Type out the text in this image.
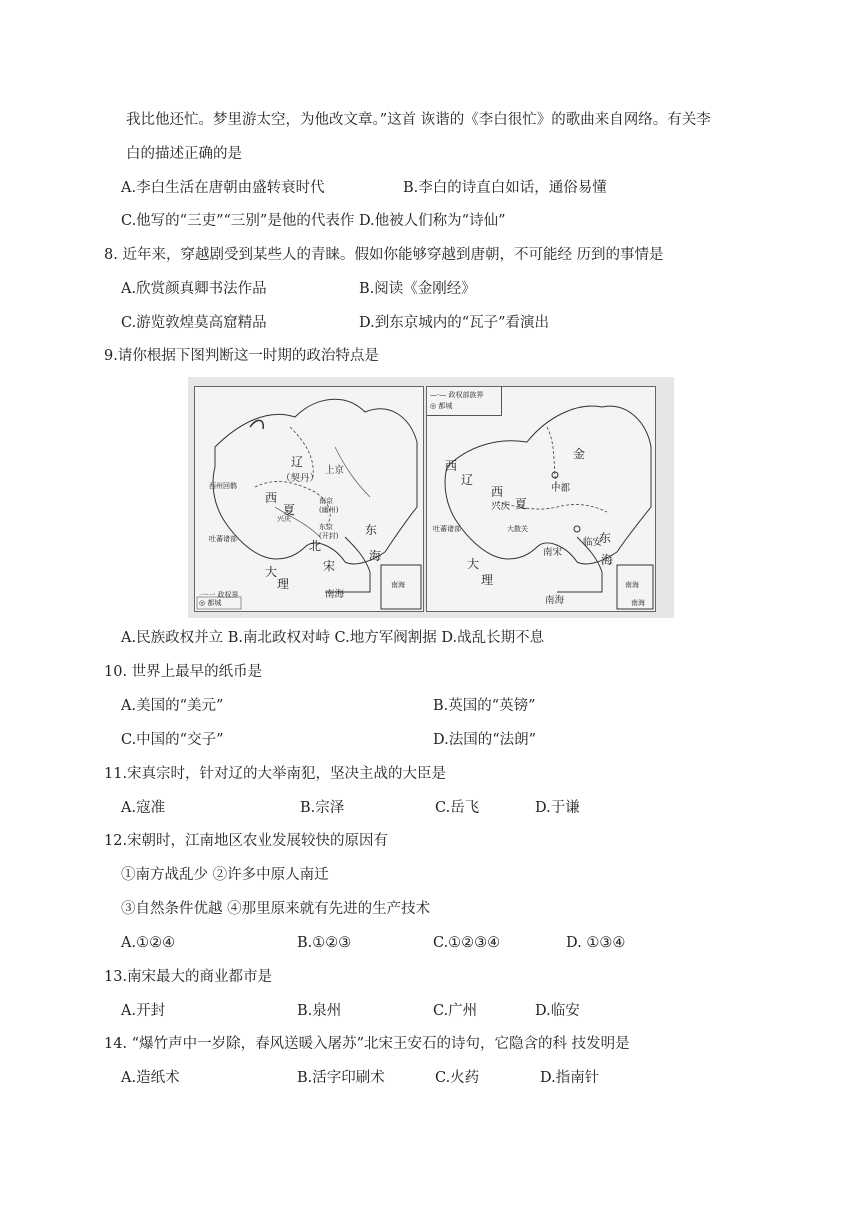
我比他还忙。梦里游太空，为他改文章。”这首 诙谐的《李白很忙》的歌曲来自网络。有关李
白的描述正确的是
A.李白生活在唐朝由盛转衰时代	B.李白的诗直白如话，通俗易懂
C.他写的“三吏”“三别”是他的代表作 D.他被人们称为“诗仙”
8. 近年来，穿越剧受到某些人的青睐。假如你能够穿越到唐朝，不可能经 历到的事情是
A.欣赏颜真卿书法作品	B.阅读《金刚经》
C.游览敦煌莫高窟精品	D.到东京城内的“瓦子”看演出
9.请你根据下图判断这一时期的政治特点是
辽
（契丹）
上京
西州回鹘
西
夏
兴庆
南京
(幽州)
吐蕃诸部
东京
(开封)
北
宋
东
海
大
理
南海
南海
一·一 政权界
◎ 都城
—·— 政权部族界
◎ 都城
西
辽
金
中都
西
兴庆 夏
吐蕃诸部	大散关
临安
南宋
东
海
大
理
南海
南海
南海
A.民族政权并立 B.南北政权对峙 C.地方军阀割据 D.战乱长期不息
10. 世界上最早的纸币是
A.美国的“美元”	B.英国的“英镑”
C.中国的“交子”	D.法国的“法朗”
11.宋真宗时，针对辽的大举南犯，坚决主战的大臣是
A.寇准	B.宗泽	C.岳飞	D.于谦
12.宋朝时，江南地区农业发展较快的原因有
①南方战乱少 ②许多中原人南迁
③自然条件优越 ④那里原来就有先进的生产技术
A.①②④	B.①②③	C.①②③④	D. ①③④
13.南宋最大的商业都市是
A.开封	B.泉州	C.广州	D.临安
14. “爆竹声中一岁除，春风送暖入屠苏”北宋王安石的诗句，它隐含的科 技发明是
A.造纸术	B.活字印刷术	C.火药	D.指南针
